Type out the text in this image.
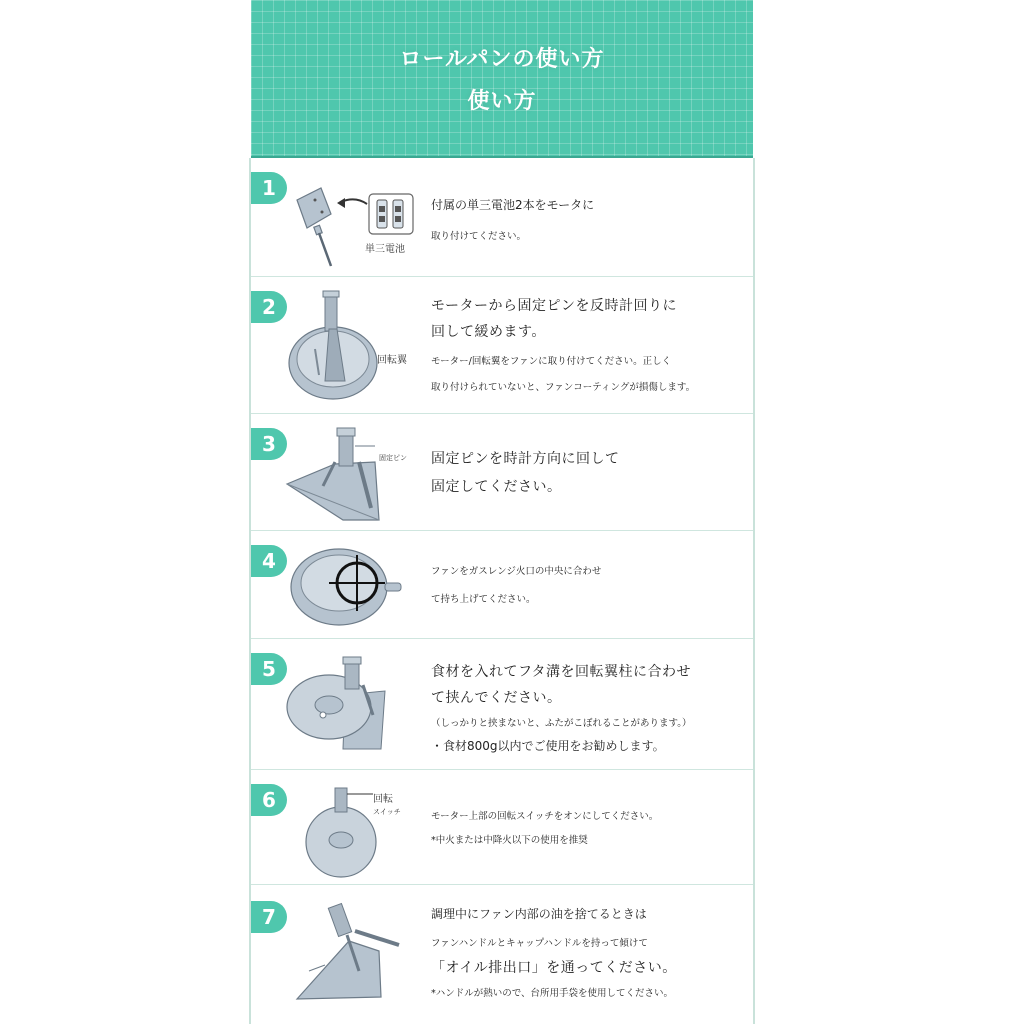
ロールパンの使い方
使い方
1
単三電池
付属の単三電池2本をモータに
取り付けてください。
2
回転翼
モーターから固定ピンを反時計回りに
回して緩めます。
モーター/回転翼をファンに取り付けてください。正しく
取り付けられていないと、ファンコーティングが損傷します。
3
固定ピン 固定ピンを時計方向に回して
固定してください。
4	ファンをガスレンジ火口の中央に合わせ
て持ち上げてください。
5	食材を入れてフタ溝を回転翼柱に合わせ
て挟んでください。
（しっかりと挟まないと、ふたがこぼれることがあります。）
・食材800g以内でご使用をお勧めします。
6	回転
スイッチ	モーター上部の回転スイッチをオンにしてください。
*中火または中降火以下の使用を推奨
7	調理中にファン内部の油を捨てるときは
ファンハンドルとキャップハンドルを持って傾けて
「オイル排出口」を通ってください。
*ハンドルが熱いので、台所用手袋を使用してください。
